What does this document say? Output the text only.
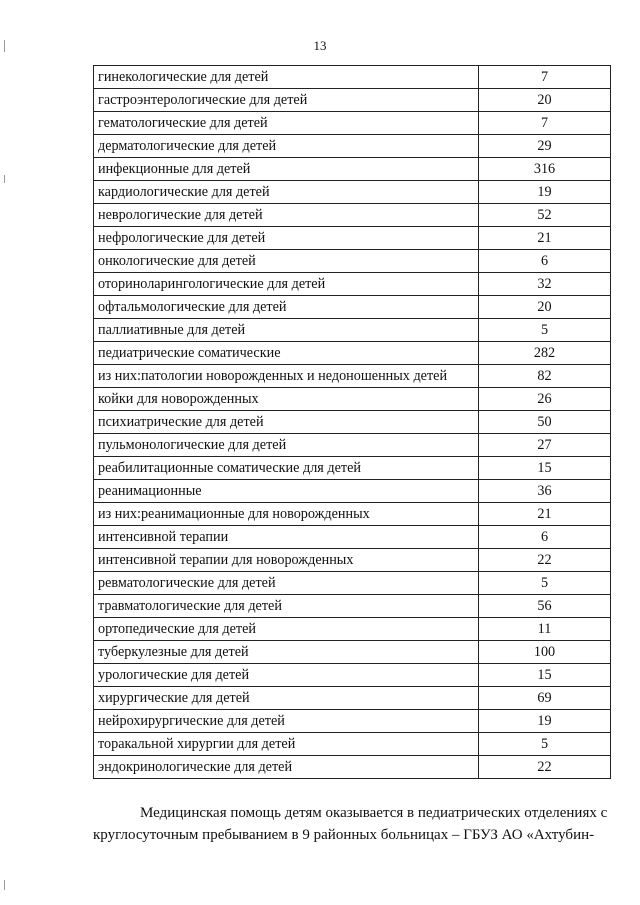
13
гинекологические для детей	7
гастроэнтерологические для детей	20
гематологические для детей	7
дерматологические для детей	29
инфекционные для детей	316
кардиологические для детей	19
неврологические для детей	52
нефрологические для детей	21
онкологические для детей	6
оториноларингологические для детей	32
офтальмологические для детей	20
паллиативные для детей	5
педиатрические соматические	282
из них:патологии новорожденных и недоношенных детей	82
койки для новорожденных	26
психиатрические для детей	50
пульмонологические для детей	27
реабилитационные соматические для детей	15
реанимационные	36
из них:реанимационные для новорожденных	21
интенсивной терапии	6
интенсивной терапии для новорожденных	22
ревматологические для детей	5
травматологические для детей	56
ортопедические для детей	11
туберкулезные для детей	100
урологические для детей	15
хирургические для детей	69
нейрохирургические для детей	19
торакальной хирургии для детей	5
эндокринологические для детей	22
Медицинская помощь детям оказывается в педиатрических отделениях с
круглосуточным пребыванием в 9 районных больницах – ГБУЗ АО «Ахтубин-
